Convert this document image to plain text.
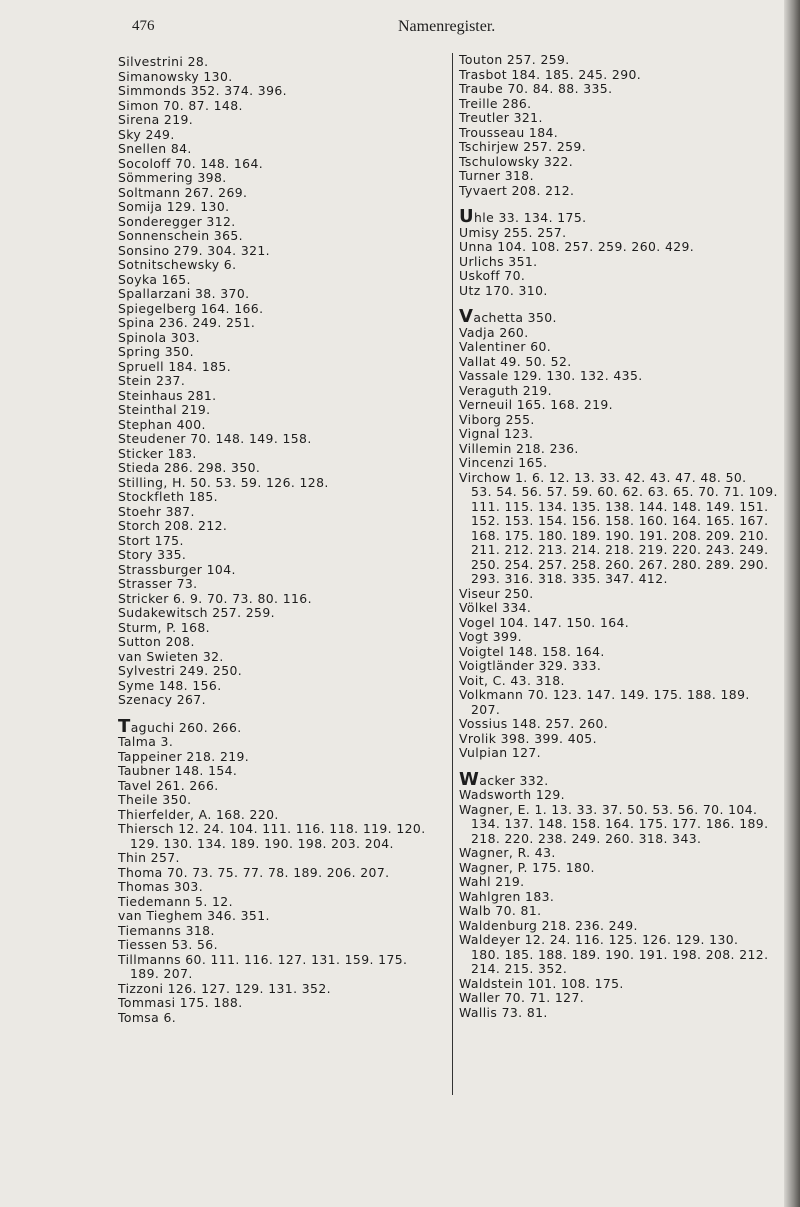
476	Namenregister.
Silvestrini 28.
Simanowsky 130.
Simmonds 352. 374. 396.
Simon 70. 87. 148.
Sirena 219.
Sky 249.
Snellen 84.
Socoloff 70. 148. 164.
Sömmering 398.
Soltmann 267. 269.
Somija 129. 130.
Sonderegger 312.
Sonnenschein 365.
Sonsino 279. 304. 321.
Sotnitschewsky 6.
Soyka 165.
Spallarzani 38. 370.
Spiegelberg 164. 166.
Spina 236. 249. 251.
Spinola 303.
Spring 350.
Spruell 184. 185.
Stein 237.
Steinhaus 281.
Steinthal 219.
Stephan 400.
Steudener 70. 148. 149. 158.
Sticker 183.
Stieda 286. 298. 350.
Stilling, H. 50. 53. 59. 126. 128.
Stockfleth 185.
Stoehr 387.
Storch 208. 212.
Stort 175.
Story 335.
Strassburger 104.
Strasser 73.
Stricker 6. 9. 70. 73. 80. 116.
Sudakewitsch 257. 259.
Sturm, P. 168.
Sutton 208.
van Swieten 32.
Sylvestri 249. 250.
Syme 148. 156.
Szenacy 267.
Taguchi 260. 266.
Talma 3.
Tappeiner 218. 219.
Taubner 148. 154.
Tavel 261. 266.
Theile 350.
Thierfelder, A. 168. 220.
Thiersch 12. 24. 104. 111. 116. 118. 119. 120.
129. 130. 134. 189. 190. 198. 203. 204.
Thin 257.
Thoma 70. 73. 75. 77. 78. 189. 206. 207.
Thomas 303.
Tiedemann 5. 12.
van Tieghem 346. 351.
Tiemanns 318.
Tiessen 53. 56.
Tillmanns 60. 111. 116. 127. 131. 159. 175.
189. 207.
Tizzoni 126. 127. 129. 131. 352.
Tommasi 175. 188.
Tomsa 6.
Touton 257. 259.
Trasbot 184. 185. 245. 290.
Traube 70. 84. 88. 335.
Treille 286.
Treutler 321.
Trousseau 184.
Tschirjew 257. 259.
Tschulowsky 322.
Turner 318.
Tyvaert 208. 212.
Uhle 33. 134. 175.
Umisy 255. 257.
Unna 104. 108. 257. 259. 260. 429.
Urlichs 351.
Uskoff 70.
Utz 170. 310.
Vachetta 350.
Vadja 260.
Valentiner 60.
Vallat 49. 50. 52.
Vassale 129. 130. 132. 435.
Veraguth 219.
Verneuil 165. 168. 219.
Viborg 255.
Vignal 123.
Villemin 218. 236.
Vincenzi 165.
Virchow 1. 6. 12. 13. 33. 42. 43. 47. 48. 50.
53. 54. 56. 57. 59. 60. 62. 63. 65. 70. 71. 109. 111. 115. 134. 135. 138. 144. 148. 149. 151. 152. 153. 154. 156. 158. 160. 164. 165. 167. 168. 175. 180. 189. 190. 191. 208. 209. 210. 211. 212. 213. 214. 218. 219. 220. 243. 249. 250. 254. 257. 258. 260. 267. 280. 289. 290. 293. 316. 318. 335. 347. 412.
Viseur 250.
Völkel 334.
Vogel 104. 147. 150. 164.
Vogt 399.
Voigtel 148. 158. 164.
Voigtländer 329. 333.
Voit, C. 43. 318.
Volkmann 70. 123. 147. 149. 175. 188. 189.
207.
Vossius 148. 257. 260.
Vrolik 398. 399. 405.
Vulpian 127.
Wacker 332.
Wadsworth 129.
Wagner, E. 1. 13. 33. 37. 50. 53. 56. 70. 104.
134. 137. 148. 158. 164. 175. 177. 186. 189. 218. 220. 238. 249. 260. 318. 343.
Wagner, R. 43.
Wagner, P. 175. 180.
Wahl 219.
Wahlgren 183.
Walb 70. 81.
Waldenburg 218. 236. 249.
Waldeyer 12. 24. 116. 125. 126. 129. 130.
180. 185. 188. 189. 190. 191. 198. 208. 212. 214. 215. 352.
Waldstein 101. 108. 175.
Waller 70. 71. 127.
Wallis 73. 81.
